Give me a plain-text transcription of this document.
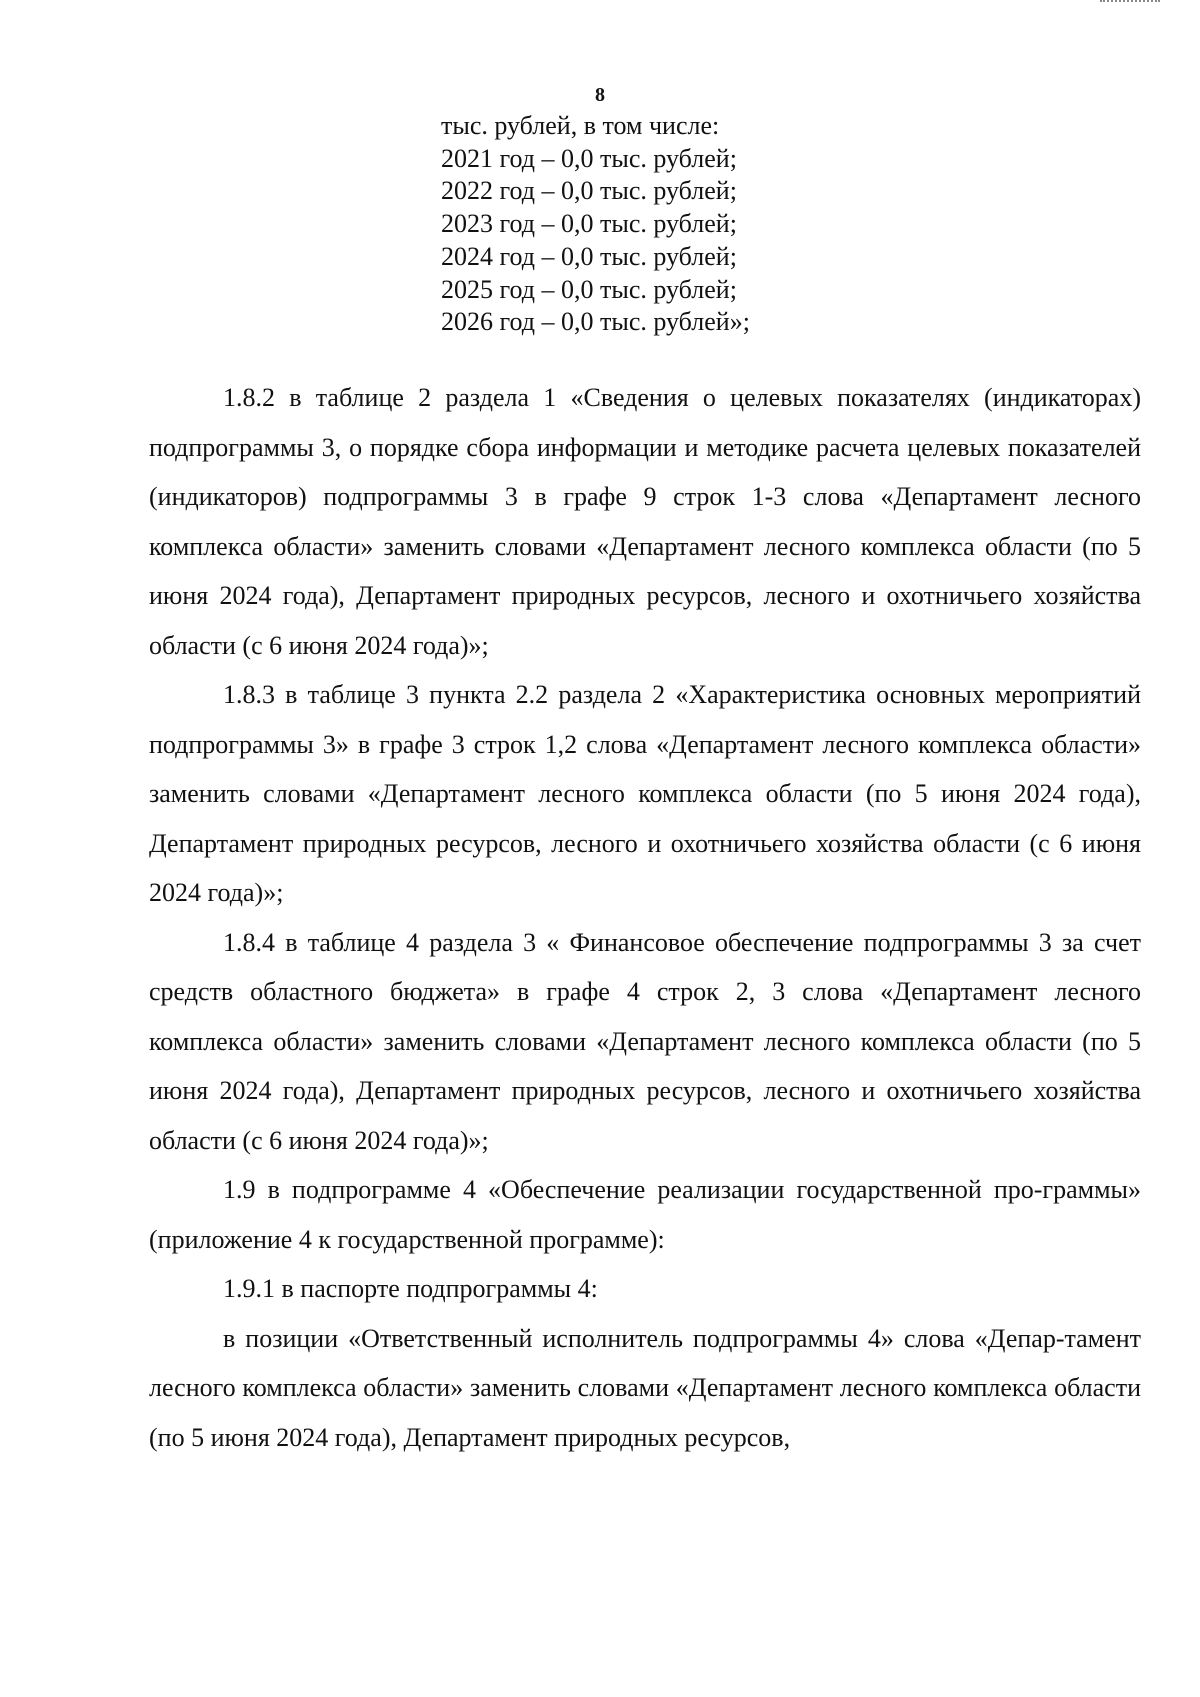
8
тыс. рублей, в том числе:
2021 год – 0,0 тыс. рублей;
2022 год – 0,0 тыс. рублей;
2023 год – 0,0 тыс. рублей;
2024 год – 0,0 тыс. рублей;
2025 год – 0,0 тыс. рублей;
2026 год – 0,0 тыс. рублей»;

1.8.2 в таблице 2 раздела 1 «Сведения о целевых показателях (индикаторах) подпрограммы 3, о порядке сбора информации и методике расчета целевых показателей (индикаторов) подпрограммы 3 в графе 9 строк 1-3 слова «Департамент лесного комплекса области» заменить словами «Департамент лесного комплекса области (по 5 июня 2024 года), Департамент природных ресурсов, лесного и охотничьего хозяйства области (с 6 июня 2024 года)»;

1.8.3 в таблице 3 пункта 2.2 раздела 2 «Характеристика основных мероприятий подпрограммы 3» в графе 3 строк 1,2 слова «Департамент лесного комплекса области» заменить словами «Департамент лесного комплекса области (по 5 июня 2024 года), Департамент природных ресурсов, лесного и охотничьего хозяйства области (с 6 июня 2024 года)»;

1.8.4 в таблице 4 раздела 3 « Финансовое обеспечение подпрограммы 3 за счет средств областного бюджета» в графе 4 строк 2, 3 слова «Департамент лесного комплекса области» заменить словами «Департамент лесного комплекса области (по 5 июня 2024 года), Департамент природных ресурсов, лесного и охотничьего хозяйства области (с 6 июня 2024 года)»;

1.9 в подпрограмме 4 «Обеспечение реализации государственной про-граммы» (приложение 4 к государственной программе):

1.9.1 в паспорте подпрограммы 4:

в позиции «Ответственный исполнитель подпрограммы 4» слова «Депар-тамент лесного комплекса области» заменить словами «Департамент лесного комплекса области (по 5 июня 2024 года), Департамент природных ресурсов,
